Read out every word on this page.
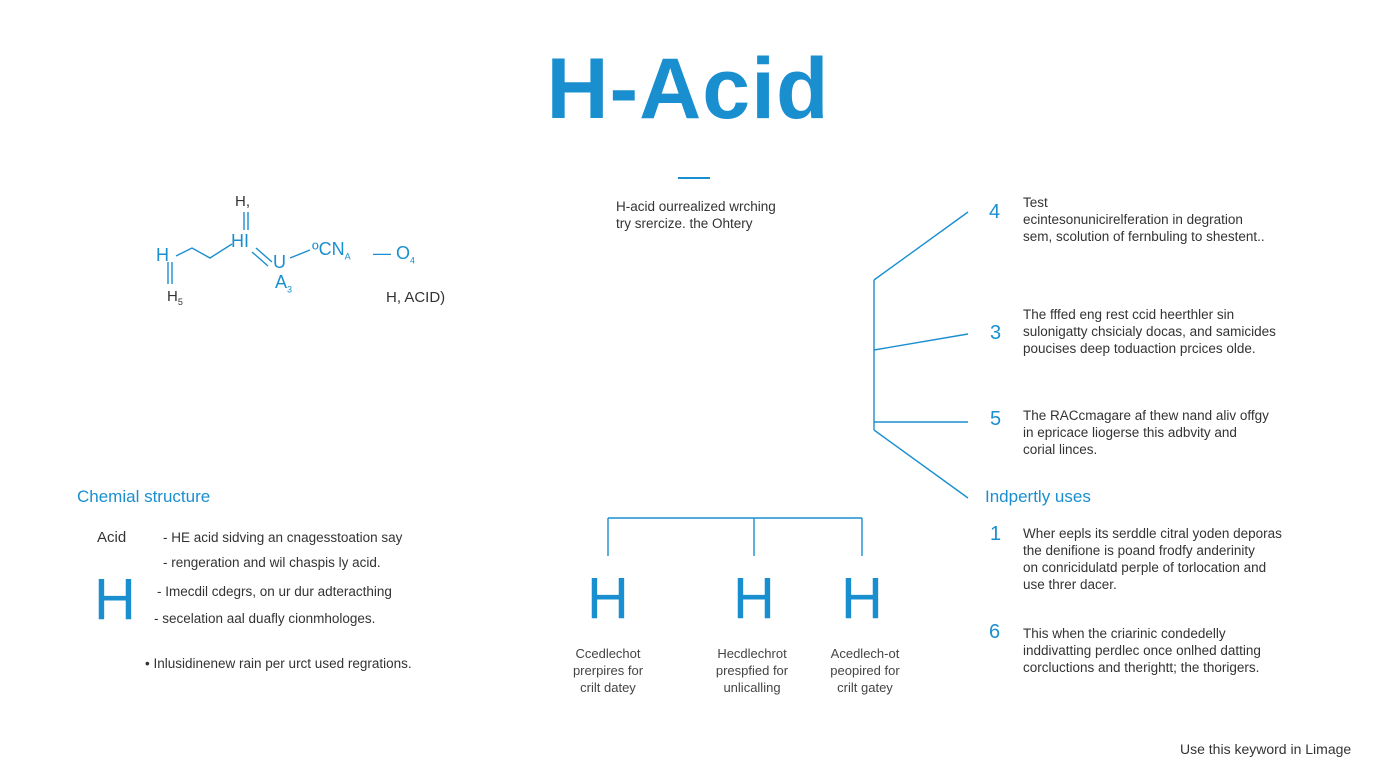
H-Acid
H-acid ourrealized wrching
try srercize. the Ohtery
H,
HI
H	U
ºCN$_A$ — $O_4$
$A_3$
$H_5$	H, ACID)
Chemial structure
Acid
H
- HE acid sidving an cnagesstoation say
- rengeration and wil chaspis ly acid.
- Imecdil cdegrs, on ur dur adteracthing
- secelation aal duafly cionmhologes.
• Inlusidinenew rain per urct used regrations.
H H H
Ccedlechot
prerpires for
crilt datey
Hecdlechrot
prespfied for
unlicalling
Acedlech-ot
peopired for
crilt gatey
4 Test
ecintesonunicirelferation in degration
sem, scolution of fernbuling to shestent..
3
The fffed eng rest ccid heerthler sin
sulonigatty chsicialy docas, and samicides
poucises deep toduaction prcices olde.
5 The RACcmagare af thew nand aliv offgy
in epricace liogerse this adbvity and
corial linces.
Indpertly uses
1 Wher eepls its serddle citral yoden deporas
the denifione is poand frodfy anderinity
on conricidulatd perple of torlocation and
use threr dacer.
6 This when the criarinic condedelly
inddivatting perdlec once onlhed datting
corcluctions and therightt; the thorigers.
Use this keyword in Limage
